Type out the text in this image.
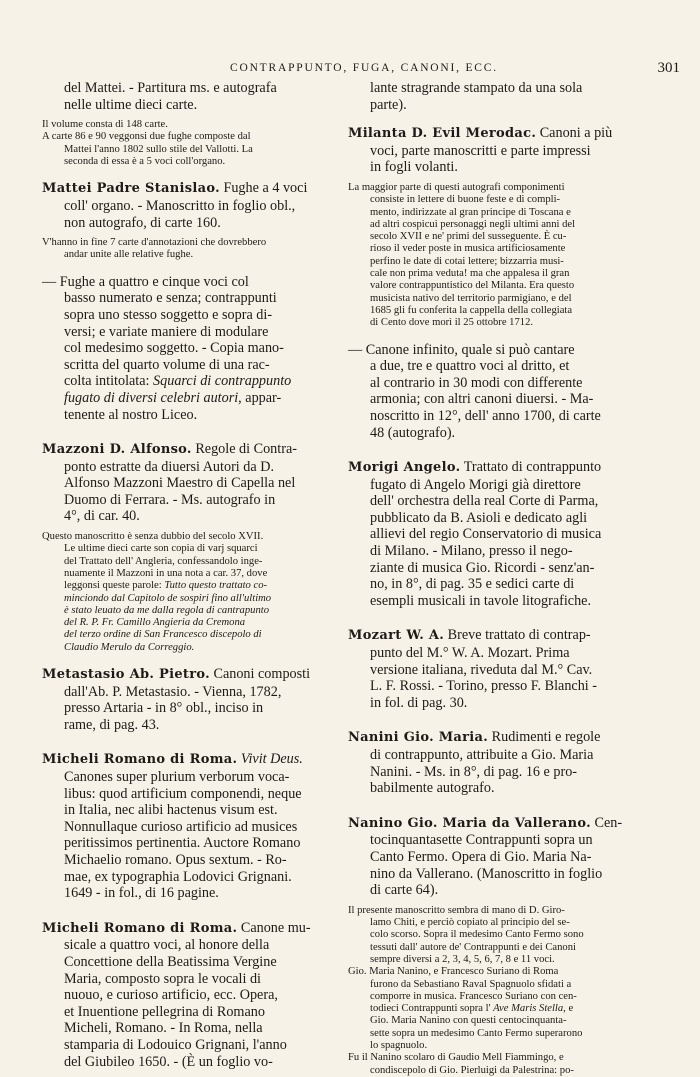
CONTRAPPUNTO, FUGA, CANONI, ECC.	301

del Mattei. - Partitura ms. e autografa

nelle ultime dieci carte.

Il volume consta di 148 carte.

A carte 86 e 90 veggonsi due fughe composte dal

Mattei l'anno 1802 sullo stile del Vallotti. La

seconda di essa è a 5 voci coll'organo.

Mattei Padre Stanislao. Fughe a 4 voci

coll' organo. - Manoscritto in foglio obl.,

non autografo, di carte 160.

V'hanno in fine 7 carte d'annotazioni che dovrebbero

andar unite alle relative fughe.

— Fughe a quattro e cinque voci col

basso numerato e senza; contrappunti

sopra uno stesso soggetto e sopra di-

versi; e variate maniere di modulare

col medesimo soggetto. - Copia mano-

scritta del quarto volume di una rac-

colta intitolata: Squarci di contrappunto

fugato di diversi celebri autori, appar-

tenente al nostro Liceo.

Mazzoni D. Alfonso. Regole di Contra-

ponto estratte da diuersi Autori da D.

Alfonso Mazzoni Maestro di Capella nel

Duomo di Ferrara. - Ms. autografo in

4°, di car. 40.

Questo manoscritto è senza dubbio del secolo XVII.

Le ultime dieci carte son copia di varj squarci

del Trattato dell' Angleria, confessandolo inge-

nuamente il Mazzoni in una nota a car. 37, dove

leggonsi queste parole: Tutto questo trattato co-

minciondo dal Capitolo de sospiri fino all'ultimo

è stato leuato da me dalla regola di cantrapunto

del R. P. Fr. Camillo Angieria da Cremona

del terzo ordine di San Francesco discepolo di

Claudio Merulo da Correggio.

Metastasio Ab. Pietro. Canoni composti

dall'Ab. P. Metastasio. - Vienna, 1782,

presso Artaria - in 8° obl., inciso in

rame, di pag. 43.

Micheli Romano di Roma. Vivit Deus.

Canones super plurium verborum voca-

libus: quod artificium componendi, neque

in Italia, nec alibi hactenus visum est.

Nonnullaque curioso artificio ad musices

peritissimos pertinentia. Auctore Romano

Michaelio romano. Opus sextum. - Ro-

mae, ex typographia Lodovici Grignani.

1649 - in fol., di 16 pagine.

Micheli Romano di Roma. Canone mu-

sicale a quattro voci, al honore della

Concettione della Beatissima Vergine

Maria, composto sopra le vocali di

nuouo, e curioso artificio, ecc. Opera,

et Inuentione pellegrina di Romano

Micheli, Romano. - In Roma, nella

stamparia di Lodouico Grignani, l'anno

del Giubileo 1650. - (È un foglio vo-

lante stragrande stampato da una sola

parte).

Milanta D. Evil Merodac. Canoni a più

voci, parte manoscritti e parte impressi

in fogli volanti.

La maggior parte di questi autografi componimenti

consiste in lettere di buone feste e di compli-

mento, indirizzate al gran principe di Toscana e

ad altri cospicui personaggi negli ultimi anni del

secolo XVII e ne' primi del susseguente. È cu-

rioso il veder poste in musica artificiosamente

perfino le date di cotai lettere; bizzarria musi-

cale non prima veduta! ma che appalesa il gran

valore contrappuntistico del Milanta. Era questo

musicista nativo del territorio parmigiano, e del

1685 gli fu conferita la cappella della collegiata

di Cento dove morì il 25 ottobre 1712.

— Canone infinito, quale si può cantare

a due, tre e quattro voci al dritto, et

al contrario in 30 modi con differente

armonia; con altri canoni diuersi. - Ma-

noscritto in 12°, dell' anno 1700, di carte

48 (autografo).

Morigi Angelo. Trattato di contrappunto

fugato di Angelo Morigi già direttore

dell' orchestra della real Corte di Parma,

pubblicato da B. Asioli e dedicato agli

allievi del regio Conservatorio di musica

di Milano. - Milano, presso il nego-

ziante di musica Gio. Ricordi - senz'an-

no, in 8°, di pag. 35 e sedici carte di

esempli musicali in tavole litografiche.

Mozart W. A. Breve trattato di contrap-

punto del M.° W. A. Mozart. Prima

versione italiana, riveduta dal M.° Cav.

L. F. Rossi. - Torino, presso F. Blanchi -

in fol. di pag. 30.

Nanini Gio. Maria. Rudimenti e regole

di contrappunto, attribuite a Gio. Maria

Nanini. - Ms. in 8°, di pag. 16 e pro-

babilmente autografo.

Nanino Gio. Maria da Vallerano. Cen-

tocinquantasette Contrappunti sopra un

Canto Fermo. Opera di Gio. Maria Na-

nino da Vallerano. (Manoscritto in foglio

di carte 64).

Il presente manoscritto sembra di mano di D. Giro-

lamo Chiti, e perciò copiato al principio del se-

colo scorso. Sopra il medesimo Canto Fermo sono

tessuti dall' autore de' Contrappunti e dei Canoni

sempre diversi a 2, 3, 4, 5, 6, 7, 8 e 11 voci.

Gio. Maria Nanino, e Francesco Suriano di Roma

furono da Sebastiano Raval Spagnuolo sfidati a

comporre in musica. Francesco Suriano con cen-

todieci Contrappunti sopra l' Ave Maris Stella, e

Gio. Maria Nanino con questi centocinquanta-

sette sopra un medesimo Canto Fermo superarono

lo spagnuolo.

Fu il Nanino scolaro di Gaudio Mell Fiammingo, e

condiscepolo di Gio. Pierluigi da Palestrina: po-
